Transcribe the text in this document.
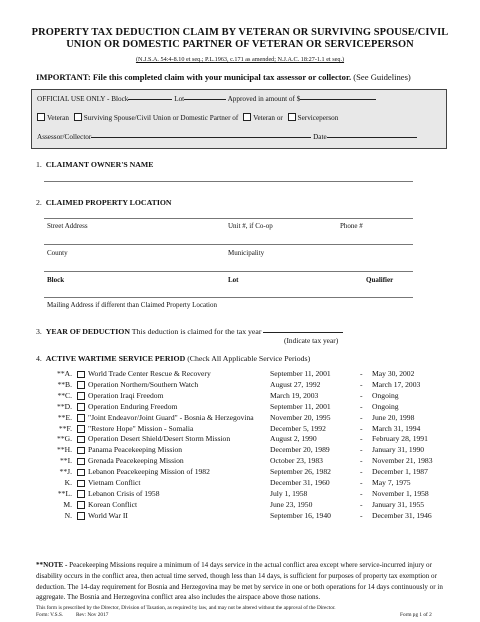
PROPERTY TAX DEDUCTION CLAIM BY VETERAN OR SURVIVING SPOUSE/CIVIL
UNION OR DOMESTIC PARTNER OF VETERAN OR SERVICEPERSON
(N.J.S.A. 54:4-8.10 et seq.; P.L.1963, c.171 as amended; N.J.A.C. 18:27-1.1 et seq.)
IMPORTANT: File this completed claim with your municipal tax assessor or collector. (See Guidelines)
OFFICIAL USE ONLY - Block	Lot	Approved in amount of $
Veteran Surviving Spouse/Civil Union or Domestic Partner of Veteran or Serviceperson
Assessor/Collector	Date
1. CLAIMANT OWNER'S NAME
2. CLAIMED PROPERTY LOCATION
Street Address	Unit #, if Co-op	Phone #
County	Municipality
Block	Lot	Qualifier
Mailing Address if different than Claimed Property Location
3. YEAR OF DEDUCTION This deduction is claimed for the tax year
(Indicate tax year)
4. ACTIVE WARTIME SERVICE PERIOD (Check All Applicable Service Periods)
**A. World Trade Center Rescue & Recovery	September 11, 2001	- May 30, 2002
**B. Operation Northern/Southern Watch	August 27, 1992	- March 17, 2003
**C. Operation Iraqi Freedom	March 19, 2003	- Ongoing
**D. Operation Enduring Freedom	September 11, 2001	- Ongoing
**E. "Joint Endeavor/Joint Guard" - Bosnia & Herzegovina November 20, 1995	- June 20, 1998
**F. "Restore Hope" Mission - Somalia	December 5, 1992	- March 31, 1994
**G. Operation Desert Shield/Desert Storm Mission	August 2, 1990	- February 28, 1991
**H. Panama Peacekeeping Mission	December 20, 1989	- January 31, 1990
**I. Grenada Peacekeeping Mission	October 23, 1983	- November 21, 1983
**J. Lebanon Peacekeeping Mission of 1982	September 26, 1982	- December 1, 1987
K. Vietnam Conflict	December 31, 1960	- May 7, 1975
**L. Lebanon Crisis of 1958	July 1, 1958	- November 1, 1958
M. Korean Conflict	June 23, 1950	- January 31, 1955
N. World War II	September 16, 1940	- December 31, 1946
**NOTE - Peacekeeping Missions require a minimum of 14 days service in the actual conflict area except where service-incurred injury or disability occurs in the conflict area, then actual time served, though less than 14 days, is sufficient for purposes of property tax exemption or deduction. The 14-day requirement for Bosnia and Herzegovina may be met by service in one or both operations for 14 days continuously or in aggregate. The Bosnia and Herzegovina conflict area also includes the airspace above those nations.
This form is prescribed by the Director, Division of Taxation, as required by law, and may not be altered without the approval of the Director.
Form: V.S.S. Rev: Nov 2017	Form pg 1 of 2
